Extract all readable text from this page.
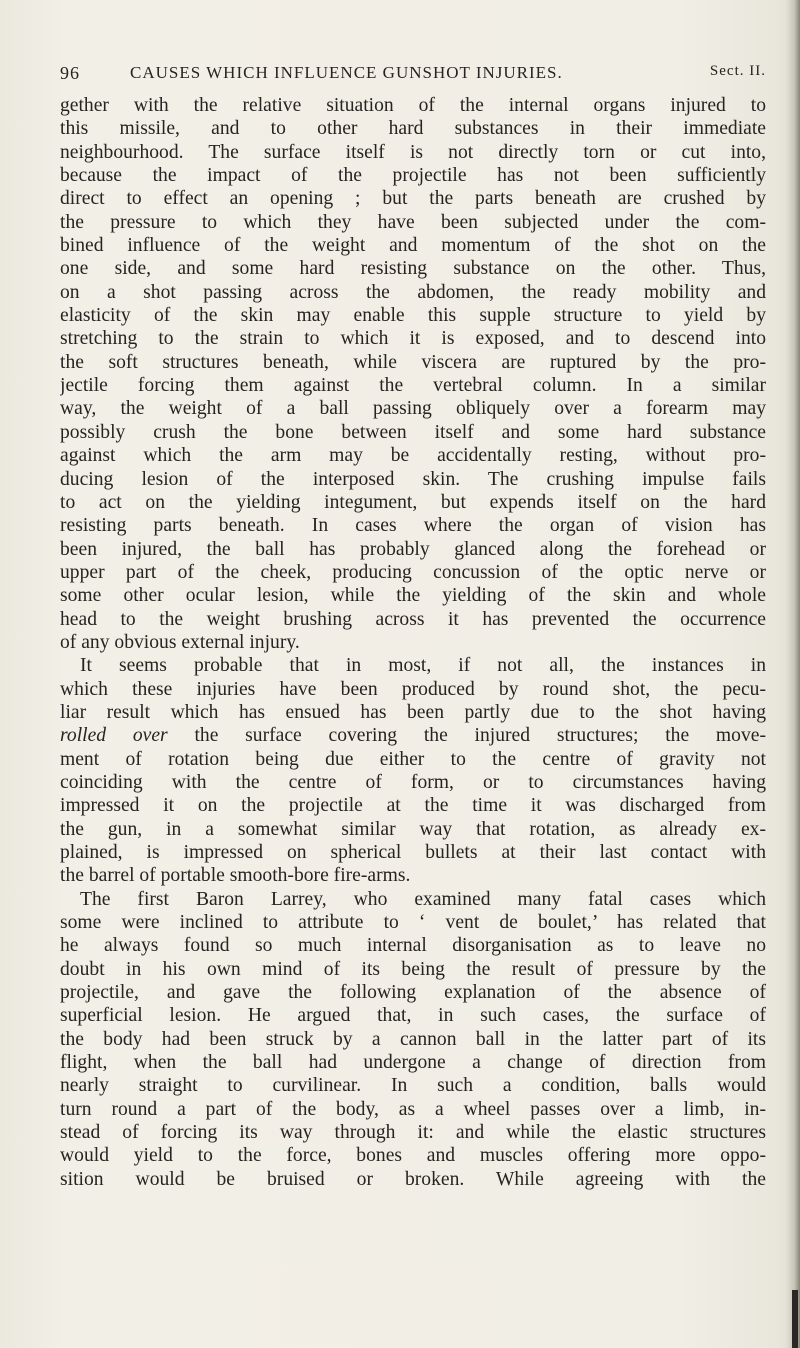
96	CAUSES WHICH INFLUENCE GUNSHOT INJURIES.	Sect. II.
gether with the relative situation of the internal organs injured to
this missile, and to other hard substances in their immediate
neighbourhood. The surface itself is not directly torn or cut into,
because the impact of the projectile has not been sufficiently
direct to effect an opening ; but the parts beneath are crushed by
the pressure to which they have been subjected under the com-
bined influence of the weight and momentum of the shot on the
one side, and some hard resisting substance on the other. Thus,
on a shot passing across the abdomen, the ready mobility and
elasticity of the skin may enable this supple structure to yield by
stretching to the strain to which it is exposed, and to descend into
the soft structures beneath, while viscera are ruptured by the pro-
jectile forcing them against the vertebral column. In a similar
way, the weight of a ball passing obliquely over a forearm may
possibly crush the bone between itself and some hard substance
against which the arm may be accidentally resting, without pro-
ducing lesion of the interposed skin. The crushing impulse fails
to act on the yielding integument, but expends itself on the hard
resisting parts beneath. In cases where the organ of vision has
been injured, the ball has probably glanced along the forehead or
upper part of the cheek, producing concussion of the optic nerve or
some other ocular lesion, while the yielding of the skin and whole
head to the weight brushing across it has prevented the occurrence
of any obvious external injury.
It seems probable that in most, if not all, the instances in
which these injuries have been produced by round shot, the pecu-
liar result which has ensued has been partly due to the shot having
rolled over the surface covering the injured structures; the move-
ment of rotation being due either to the centre of gravity not
coinciding with the centre of form, or to circumstances having
impressed it on the projectile at the time it was discharged from
the gun, in a somewhat similar way that rotation, as already ex-
plained, is impressed on spherical bullets at their last contact with
the barrel of portable smooth-bore fire-arms.
The first Baron Larrey, who examined many fatal cases which
some were inclined to attribute to ‘ vent de boulet,’ has related that
he always found so much internal disorganisation as to leave no
doubt in his own mind of its being the result of pressure by the
projectile, and gave the following explanation of the absence of
superficial lesion. He argued that, in such cases, the surface of
the body had been struck by a cannon ball in the latter part of its
flight, when the ball had undergone a change of direction from
nearly straight to curvilinear. In such a condition, balls would
turn round a part of the body, as a wheel passes over a limb, in-
stead of forcing its way through it: and while the elastic structures
would yield to the force, bones and muscles offering more oppo-
sition would be bruised or broken. While agreeing with the
